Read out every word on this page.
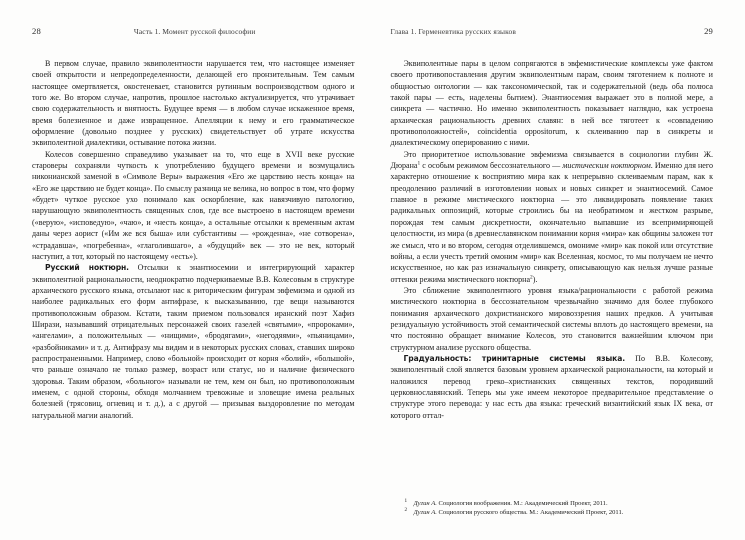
28	Часть 1. Момент русской философии

В первом случае, правило эквиполентности нарушается тем, что настоящее изменяет своей открытости и непредопределенности, делающей его пронзительным. Тем самым настоящее омертвляется, окостеневает, становится рутинным воспроизводством одного и того же. Во втором случае, напротив, прошлое настолько актуализируется, что утрачивает свою содержательность и внятность. Будущее время — в любом случае искаженное время, время болезненное и даже извращенное. Апелляции к нему и его грамматическое оформление (довольно позднее у русских) свидетельствует об утрате искусства эквиполентной диалектики, остывание потока жизни.

Колесов совершенно справедливо указывает на то, что еще в XVII веке русские староверы сохраняли чуткость к употреблению будущего времени и возмущались никонианской заменой в «Символе Веры» выражения «Его же царствию несть конца» на «Его же царствию не будет конца». По смыслу разница не велика, но вопрос в том, что форму «будет» чуткое русское ухо понимало как оскорбление, как навязчивую патологию, нарушающую эквиполентность священных слов, где все выстроено в настоящем времени («верую», «исповедую», «чаю», и «несть конца», а остальные отсылки к временным актам даны через аорист («Им же вся быша» или субстантивы — «рожденна», «не сотворена», «страдавша», «погребенна», «глаголившаго», а «будущий» век — это не век, который наступит, а тот, который по настоящему «есть»).

Русский ноктюрн. Отсылки к энантиосемии и интегрирующий характер эквиполентной рациональности, неоднократно подчеркиваемые В.В. Колесовым в структуре архаического русского языка, отсылают нас к риторическим фигурам эвфемизма и одной из наиболее радикальных его форм антифразе, к высказыванию, где вещи называются противоположным образом. Кстати, таким приемом пользовался иранский поэт Хафиз Ширази, называвший отрицательных персонажей своих газелей «святыми», «пророками», «ангелами», а положительных — «нищими», «бродягами», «негодяями», «пьяницами», «разбойниками» и т. д. Антифразу мы видим и в некоторых русских словах, ставших широко распространенными. Например, слово «больной» происходит от корня «болий», «большой», что раньше означало не только размер, возраст или статус, но и наличие физического здоровья. Таким образом, «больного» называли не тем, кем он был, но противоположным именем, с одной стороны, обходя молчанием тревожные и зловещие имена реальных болезней (трясовиц, огневиц и т. д.), а с другой — призывая выздоровление по методам натуральной магии аналогий.

Глава 1. Герменевтика русских языков	29

Эквиполентные пары в целом сопрягаются в эвфемистические комплексы уже фактом своего противопоставления другим эквиполентным парам, своим тяготением к полноте и общностью онтологии — как таксономической, так и содержательной (ведь оба полюса такой пары — есть, наделены бытием). Энантиосемия выражает это в полной мере, а синкрета — частично. Но именно эквиполентность показывает наглядно, как устроена архаическая рациональность древних славян: в ней все тяготеет к «совпадению противоположностей», coincidentia oppositorum, к склеиванию пар в синкреты и диалектическому оперированию с ними.

Это приоритетное использование эвфемизма связывается в социологии глубин Ж. Дюрана$^1$ с особым режимом бессознательного — мистическим ноктюрном. Именно для него характерно отношение к восприятию мира как к непрерывно склеиваемым парам, как к преодолению различий в изготовлении новых и новых синкрет и энантиосемий. Самое главное в режиме мистического ноктюрна — это ликвидировать появление таких радикальных оппозиций, которые строились бы на необратимом и жестком разрыве, порождая тем самым дискретности, окончательно выпавшие из всепримиряющей целостности, из мира (в древнеславянском понимании корня «мира» как общины заложен тот же смысл, что и во втором, сегодня отделившемся, омониме «мир» как покой или отсутствие войны, а если учесть третий омоним «мир» как Вселенная, космос, то мы получаем не нечто искусственное, но как раз изначальную синкрету, описывающую как нельзя лучше разные оттенки режима мистического ноктюрна$^2$).

Это сближение эквиполентного уровня языка/рациональности с работой режима мистического ноктюрна в бессознательном чрезвычайно значимо для более глубокого понимания архаического дохристианского мировоззрения наших предков. А учитывая резидуальную устойчивость этой семантической системы вплоть до настоящего времени, на что постоянно обращает внимание Колесов, это становится важнейшим ключом при структурном анализе русского общества.

Градуальность: тринитарные системы языка. По В.В. Колесову, эквиполентный слой является базовым уровнем архаической рациональности, на который и наложился перевод греко–христианских священных текстов, породивший церковнославянский. Теперь мы уже имеем некоторое предварительное представление о структуре этого перевода: у нас есть два языка: греческий византийский язык IX века, от которого оттал-

1 Дугин А. Социология воображения. М.: Академический Проект, 2011.
2 Дугин А. Социология русского общества. М.: Академический Проект, 2011.
